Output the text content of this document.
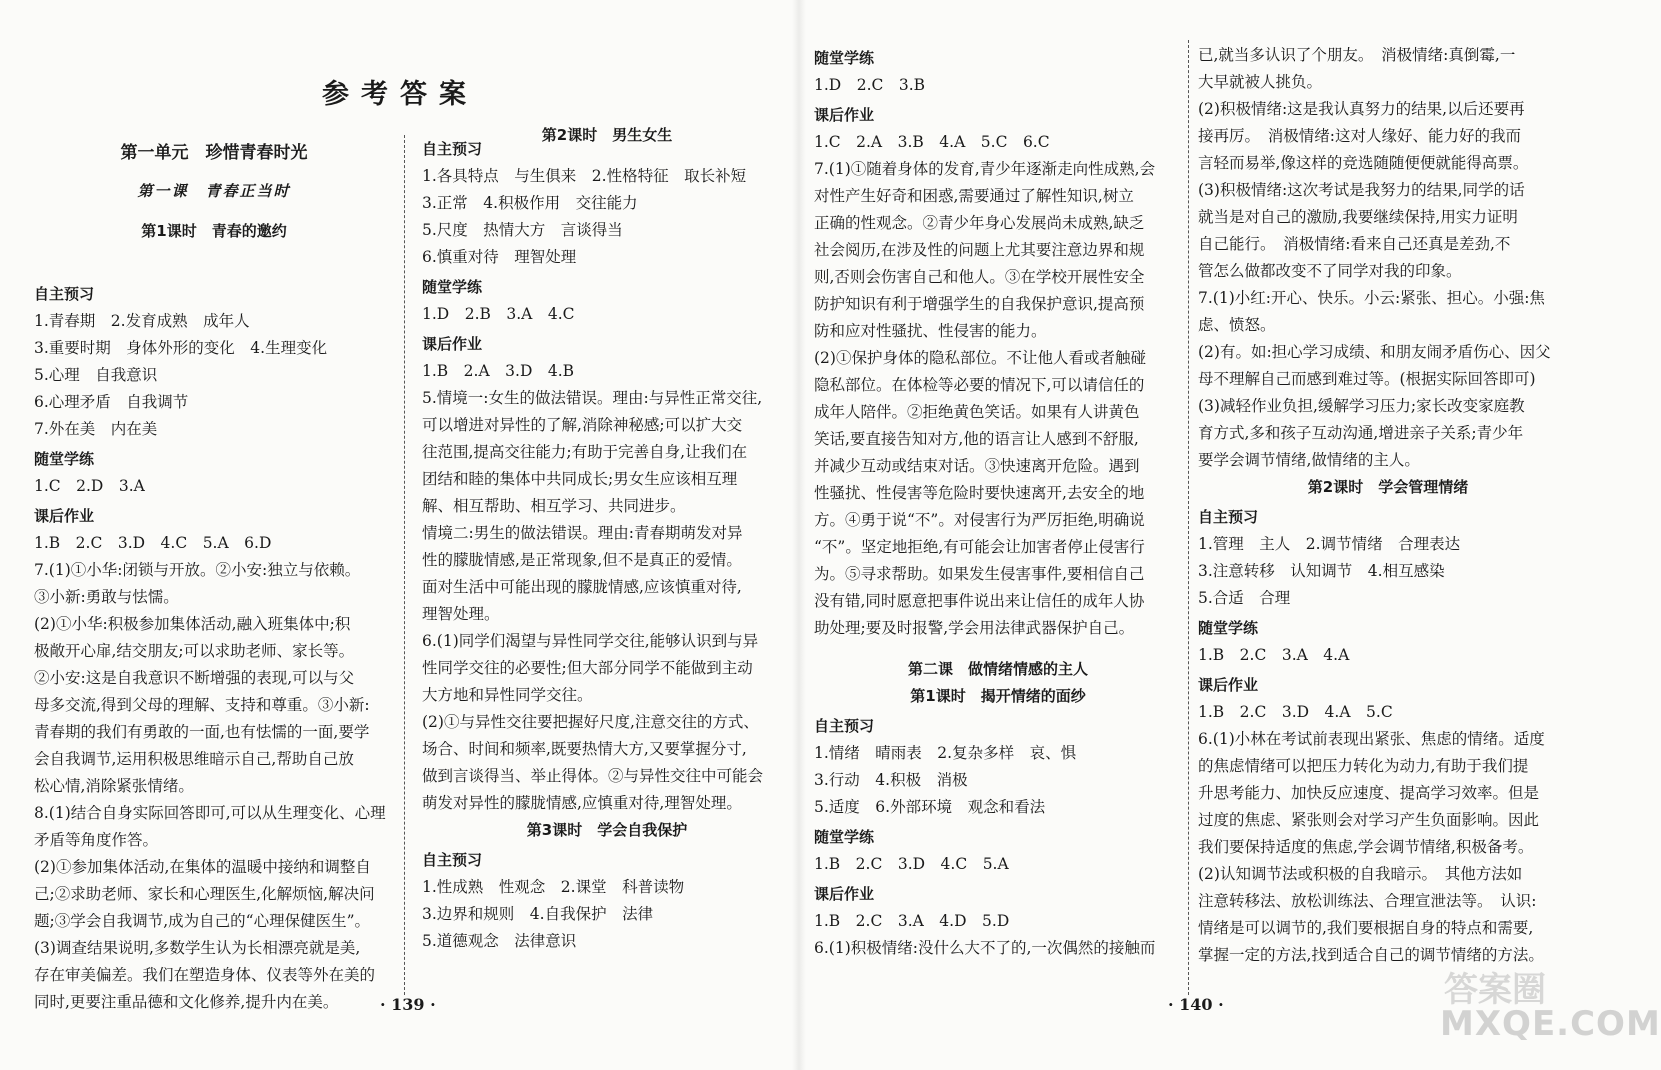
参考答案
第一单元　珍惜青春时光
第一课　青春正当时
第1课时　青春的邀约
第2课时　男生女生
自主预习
1.青春期　2.发育成熟　成年人
3.重要时期　身体外形的变化　4.生理变化
5.心理　自我意识
6.心理矛盾　自我调节
7.外在美　内在美
随堂学练
1.C　2.D　3.A
课后作业
1.B　2.C　3.D　4.C　5.A　6.D
7.(1)①小华:闭锁与开放。②小安:独立与依赖。
③小新:勇敢与怯懦。
(2)①小华:积极参加集体活动,融入班集体中;积
极敞开心扉,结交朋友;可以求助老师、家长等。
②小安:这是自我意识不断增强的表现,可以与父
母多交流,得到父母的理解、支持和尊重。③小新:
青春期的我们有勇敢的一面,也有怯懦的一面,要学
会自我调节,运用积极思维暗示自己,帮助自己放
松心情,消除紧张情绪。
8.(1)结合自身实际回答即可,可以从生理变化、心理
矛盾等角度作答。
(2)①参加集体活动,在集体的温暖中接纳和调整自
己;②求助老师、家长和心理医生,化解烦恼,解决问
题;③学会自我调节,成为自己的“心理保健医生”。
(3)调查结果说明,多数学生认为长相漂亮就是美,
存在审美偏差。我们在塑造身体、仪表等外在美的
同时,更要注重品德和文化修养,提升内在美。
自主预习
1.各具特点　与生俱来　2.性格特征　取长补短
3.正常　4.积极作用　交往能力
5.尺度　热情大方　言谈得当
6.慎重对待　理智处理
随堂学练
1.D　2.B　3.A　4.C
课后作业
1.B　2.A　3.D　4.B
5.情境一:女生的做法错误。理由:与异性正常交往,
可以增进对异性的了解,消除神秘感;可以扩大交
往范围,提高交往能力;有助于完善自身,让我们在
团结和睦的集体中共同成长;男女生应该相互理
解、相互帮助、相互学习、共同进步。
情境二:男生的做法错误。理由:青春期萌发对异
性的朦胧情感,是正常现象,但不是真正的爱情。
面对生活中可能出现的朦胧情感,应该慎重对待,
理智处理。
6.(1)同学们渴望与异性同学交往,能够认识到与异
性同学交往的必要性;但大部分同学不能做到主动
大方地和异性同学交往。
(2)①与异性交往要把握好尺度,注意交往的方式、
场合、时间和频率,既要热情大方,又要掌握分寸,
做到言谈得当、举止得体。②与异性交往中可能会
萌发对异性的朦胧情感,应慎重对待,理智处理。
第3课时　学会自我保护
自主预习
1.性成熟　性观念　2.课堂　科普读物
3.边界和规则　4.自我保护　法律
5.道德观念　法律意识
随堂学练
1.D　2.C　3.B
课后作业
1.C　2.A　3.B　4.A　5.C　6.C
7.(1)①随着身体的发育,青少年逐渐走向性成熟,会
对性产生好奇和困惑,需要通过了解性知识,树立
正确的性观念。②青少年身心发展尚未成熟,缺乏
社会阅历,在涉及性的问题上尤其要注意边界和规
则,否则会伤害自己和他人。③在学校开展性安全
防护知识有利于增强学生的自我保护意识,提高预
防和应对性骚扰、性侵害的能力。
(2)①保护身体的隐私部位。不让他人看或者触碰
隐私部位。在体检等必要的情况下,可以请信任的
成年人陪伴。②拒绝黄色笑话。如果有人讲黄色
笑话,要直接告知对方,他的语言让人感到不舒服,
并减少互动或结束对话。③快速离开危险。遇到
性骚扰、性侵害等危险时要快速离开,去安全的地
方。④勇于说“不”。对侵害行为严厉拒绝,明确说
“不”。坚定地拒绝,有可能会让加害者停止侵害行
为。⑤寻求帮助。如果发生侵害事件,要相信自己
没有错,同时愿意把事件说出来让信任的成年人协
助处理;要及时报警,学会用法律武器保护自己。
第二课　做情绪情感的主人
第1课时　揭开情绪的面纱
自主预习
1.情绪　晴雨表　2.复杂多样　哀、惧
3.行动　4.积极　消极
5.适度　6.外部环境　观念和看法
随堂学练
1.B　2.C　3.D　4.C　5.A
课后作业
1.B　2.C　3.A　4.D　5.D
6.(1)积极情绪:没什么大不了的,一次偶然的接触而
已,就当多认识了个朋友。　消极情绪:真倒霉,一
大早就被人挑负。
(2)积极情绪:这是我认真努力的结果,以后还要再
接再厉。　消极情绪:这对人缘好、能力好的我而
言轻而易举,像这样的竞选随随便便就能得高票。
(3)积极情绪:这次考试是我努力的结果,同学的话
就当是对自己的激励,我要继续保持,用实力证明
自己能行。　消极情绪:看来自己还真是差劲,不
管怎么做都改变不了同学对我的印象。
7.(1)小红:开心、快乐。小云:紧张、担心。小强:焦
虑、愤怒。
(2)有。如:担心学习成绩、和朋友闹矛盾伤心、因父
母不理解自己而感到难过等。(根据实际回答即可)
(3)减轻作业负担,缓解学习压力;家长改变家庭教
育方式,多和孩子互动沟通,增进亲子关系;青少年
要学会调节情绪,做情绪的主人。
第2课时　学会管理情绪
自主预习
1.管理　主人　2.调节情绪　合理表达
3.注意转移　认知调节　4.相互感染
5.合适　合理
随堂学练
1.B　2.C　3.A　4.A
课后作业
1.B　2.C　3.D　4.A　5.C
6.(1)小林在考试前表现出紧张、焦虑的情绪。适度
的焦虑情绪可以把压力转化为动力,有助于我们提
升思考能力、加快反应速度、提高学习效率。但是
过度的焦虑、紧张则会对学习产生负面影响。因此
我们要保持适度的焦虑,学会调节情绪,积极备考。
(2)认知调节法或积极的自我暗示。　其他方法如
注意转移法、放松训练法、合理宣泄法等。　认识:
情绪是可以调节的,我们要根据自身的特点和需要,
掌握一定的方法,找到适合自己的调节情绪的方法。
· 139 ·	· 140 ·	答案圈
MXQE.COM
